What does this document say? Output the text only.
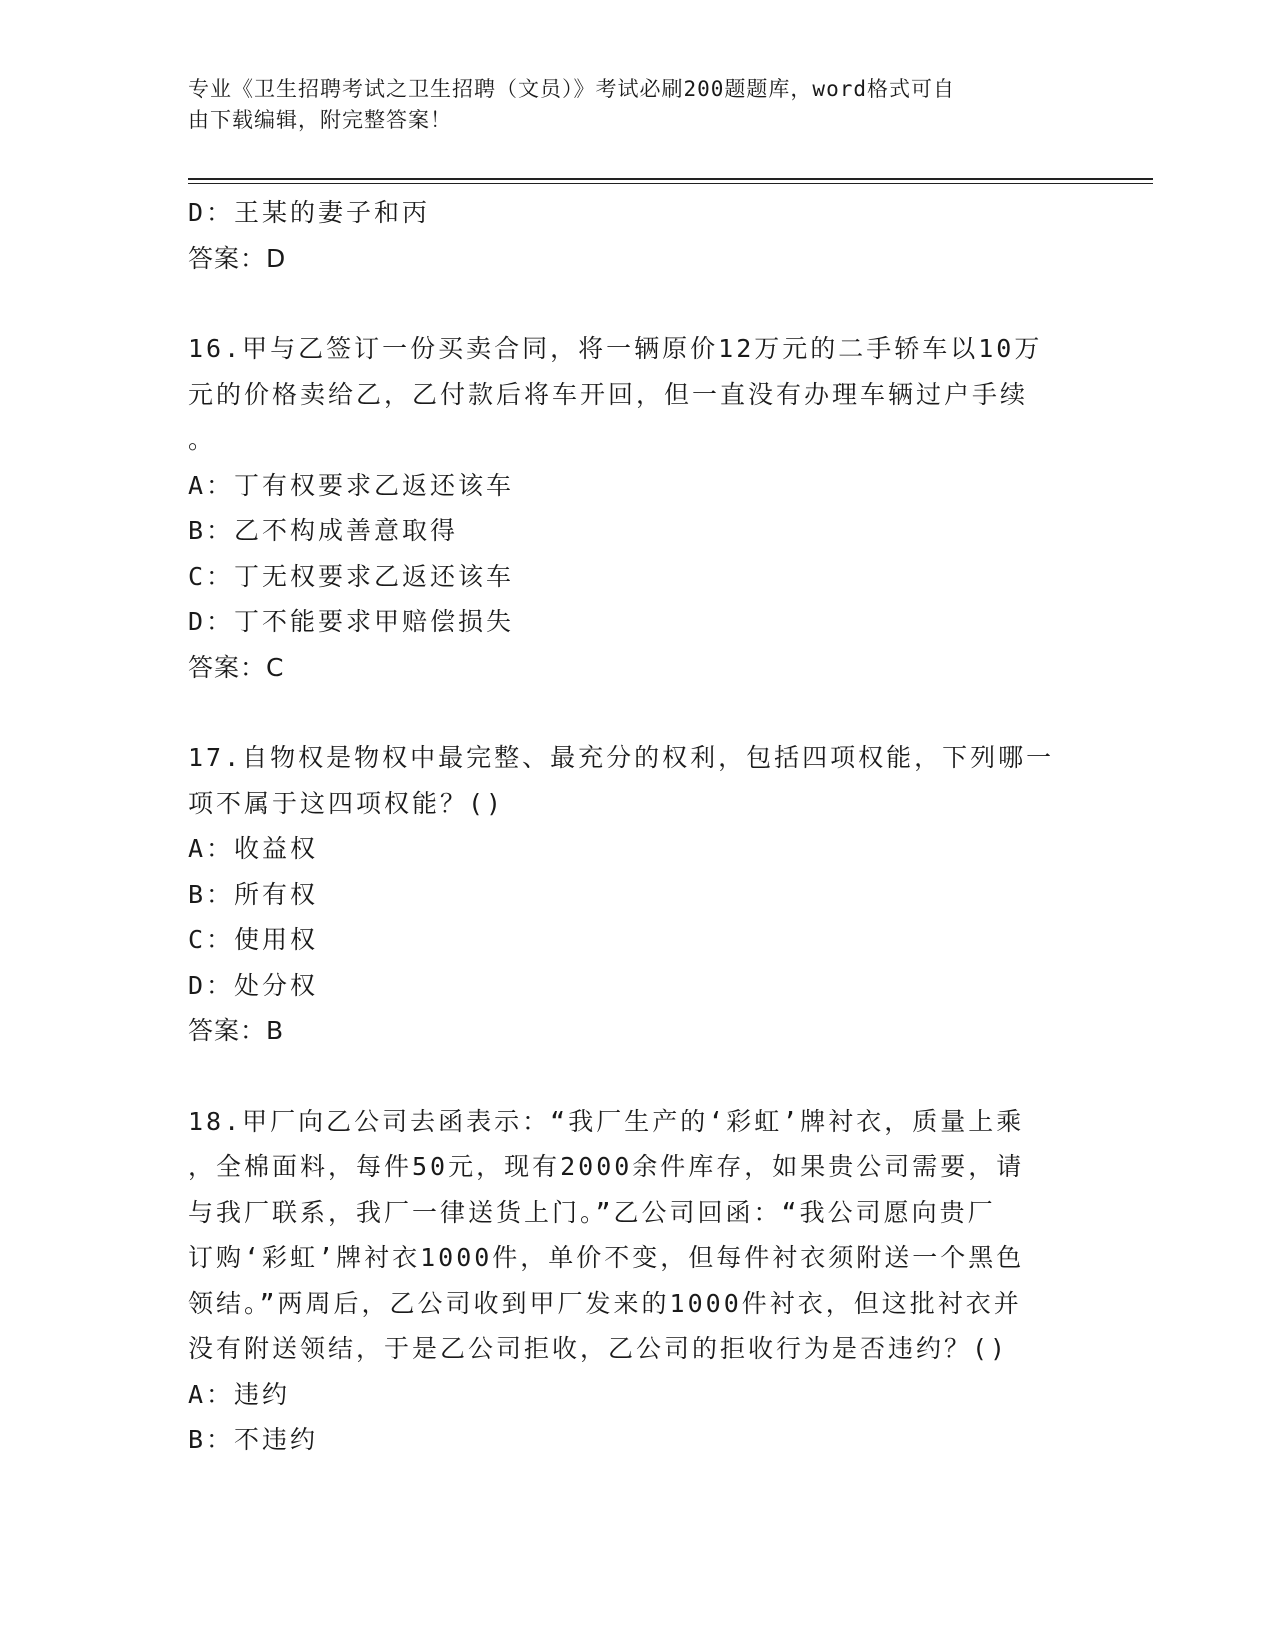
专业《卫生招聘考试之卫生招聘（文员）》考试必刷200题题库，word格式可自
由下载编辑，附完整答案！
D：王某的妻子和丙
答案：D
16.甲与乙签订一份买卖合同，将一辆原价12万元的二手轿车以10万
元的价格卖给乙，乙付款后将车开回，但一直没有办理车辆过户手续
。
A：丁有权要求乙返还该车
B：乙不构成善意取得
C：丁无权要求乙返还该车
D：丁不能要求甲赔偿损失
答案：C
17.自物权是物权中最完整、最充分的权利，包括四项权能，下列哪一
项不属于这四项权能？()
A：收益权
B：所有权
C：使用权
D：处分权
答案：B
18.甲厂向乙公司去函表示：“我厂生产的‘彩虹’牌衬衣，质量上乘
，全棉面料，每件50元，现有2000余件库存，如果贵公司需要，请
与我厂联系，我厂一律送货上门。”乙公司回函：“我公司愿向贵厂
订购‘彩虹’牌衬衣1000件，单价不变，但每件衬衣须附送一个黑色
领结。”两周后，乙公司收到甲厂发来的1000件衬衣，但这批衬衣并
没有附送领结，于是乙公司拒收，乙公司的拒收行为是否违约？()
A：违约
B：不违约
